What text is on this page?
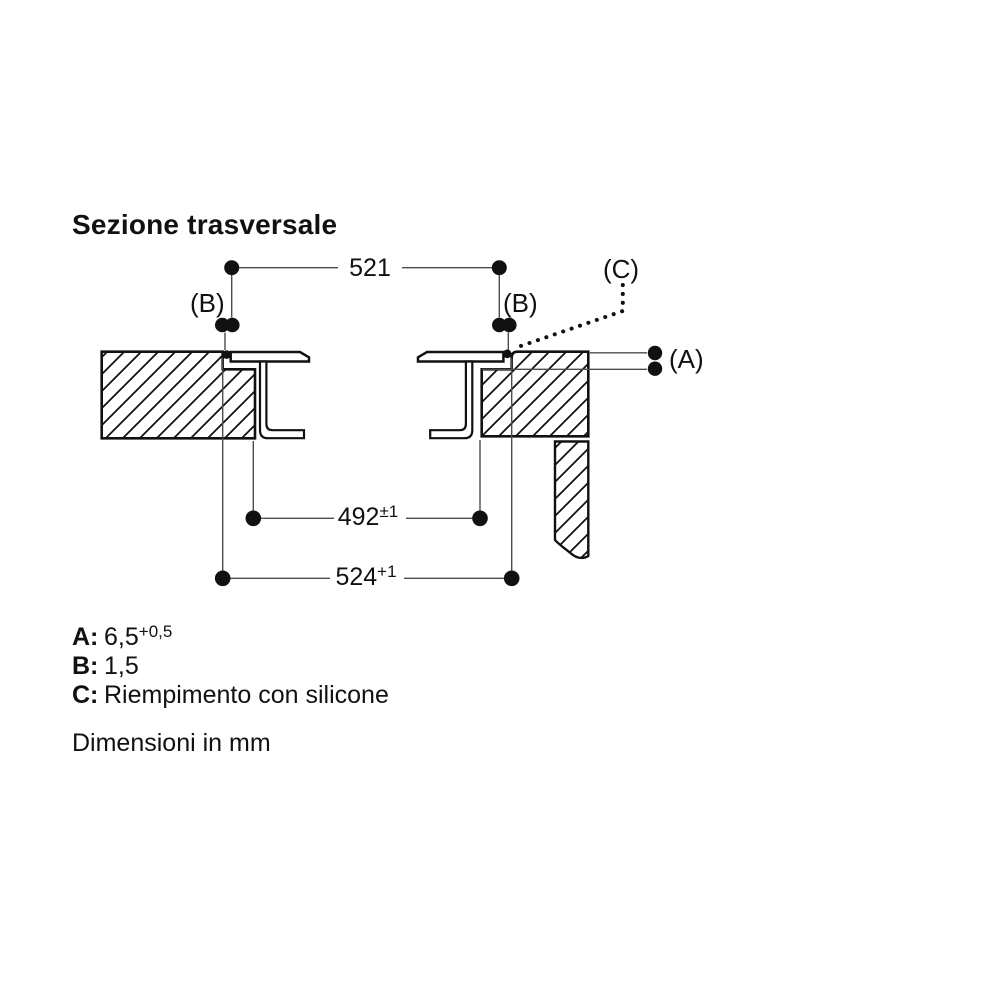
Sezione trasversale
521
$492^{\pm 1}$
$524^{+1}$
(B)	(B)
(C)
(A)
A: $6,5^{+0,5}$
B: 1,5
C: Riempimento con silicone
Dimensioni in mm
